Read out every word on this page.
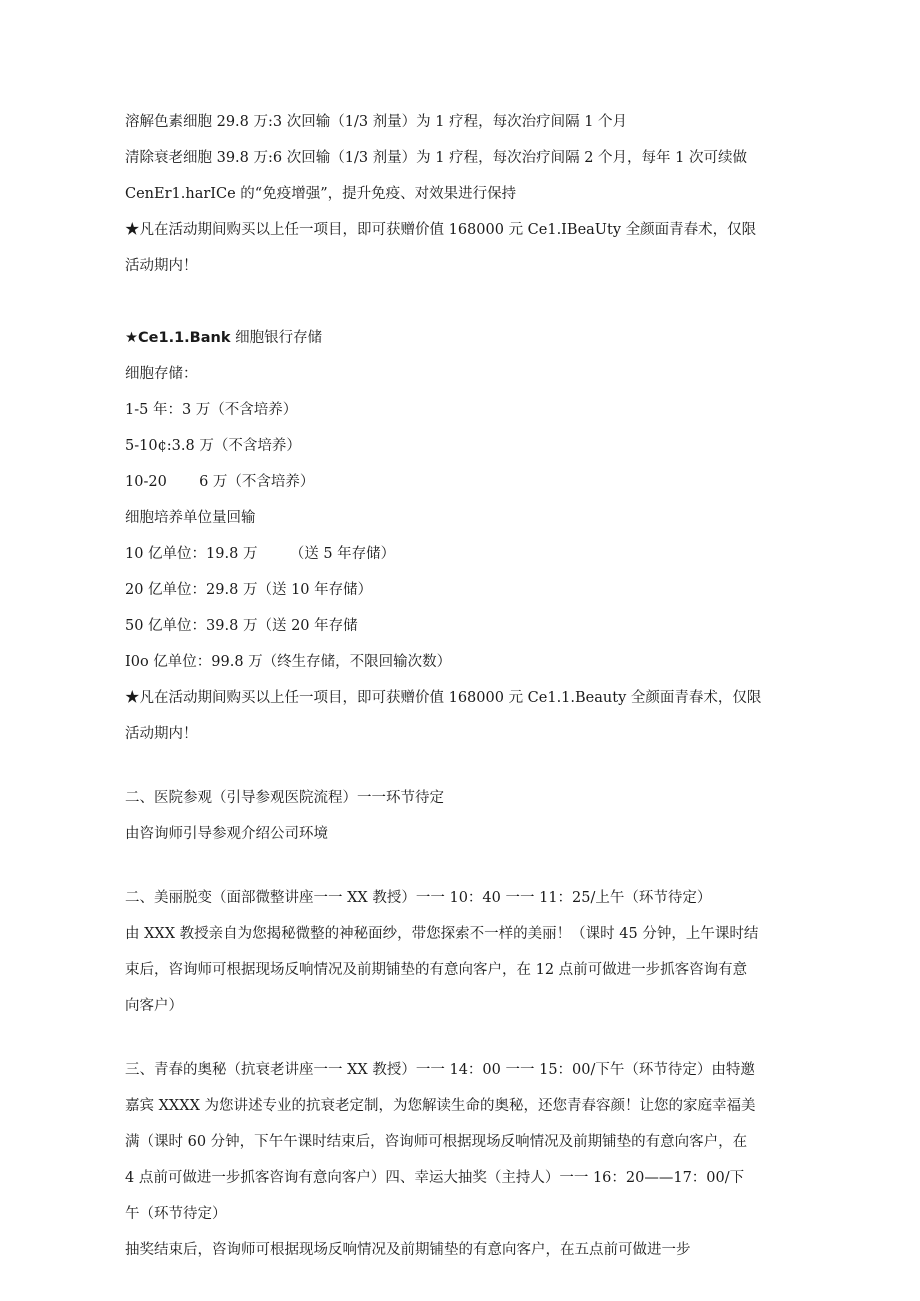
溶解色素细胞 29.8 万:3 次回输（1/3 剂量）为 1 疗程，每次治疗间隔 1 个月
清除衰老细胞 39.8 万:6 次回输（1/3 剂量）为 1 疗程，每次治疗间隔 2 个月，每年 1 次可续做
CenEr1.harICe 的“免疫增强”，提升免疫、对效果进行保持
★凡在活动期间购买以上任一项目，即可获赠价值 168000 元 Ce1.IBeaUty 全颜面青春术，仅限
活动期内！
★Ce1.1.Bank 细胞银行存储
细胞存储：
1-5 年：3 万（不含培养）
5-10¢:3.8 万（不含培养）
10-20       6 万（不含培养）
细胞培养单位量回输
10 亿单位：19.8 万       （送 5 年存储）
20 亿单位：29.8 万（送 10 年存储）
50 亿单位：39.8 万（送 20 年存储
I0o 亿单位：99.8 万（终生存储，不限回输次数）
★凡在活动期间购买以上任一项目，即可获赠价值 168000 元 Ce1.1.Beauty 全颜面青春术，仅限
活动期内！
二、医院参观（引导参观医院流程）一一环节待定
由咨询师引导参观介绍公司环境
二、美丽脱变（面部微整讲座一一 XX 教授）一一 10：40 一一 11：25/上午（环节待定）
由 XXX 教授亲自为您揭秘微整的神秘面纱，带您探索不一样的美丽！（课时 45 分钟，上午课时结
束后，咨询师可根据现场反响情况及前期铺垫的有意向客户，在 12 点前可做进一步抓客咨询有意
向客户）
三、青春的奥秘（抗衰老讲座一一 XX 教授）一一 14：00 一一 15：00/下午（环节待定）由特邀
嘉宾 XXXX 为您讲述专业的抗衰老定制，为您解读生命的奥秘，还您青春容颜！让您的家庭幸福美
满（课时 60 分钟，下午午课时结束后，咨询师可根据现场反响情况及前期铺垫的有意向客户，在
4 点前可做进一步抓客咨询有意向客户）四、幸运大抽奖（主持人）一一 16：20——17：00/下
午（环节待定）
抽奖结束后，咨询师可根据现场反响情况及前期铺垫的有意向客户，在五点前可做进一步
